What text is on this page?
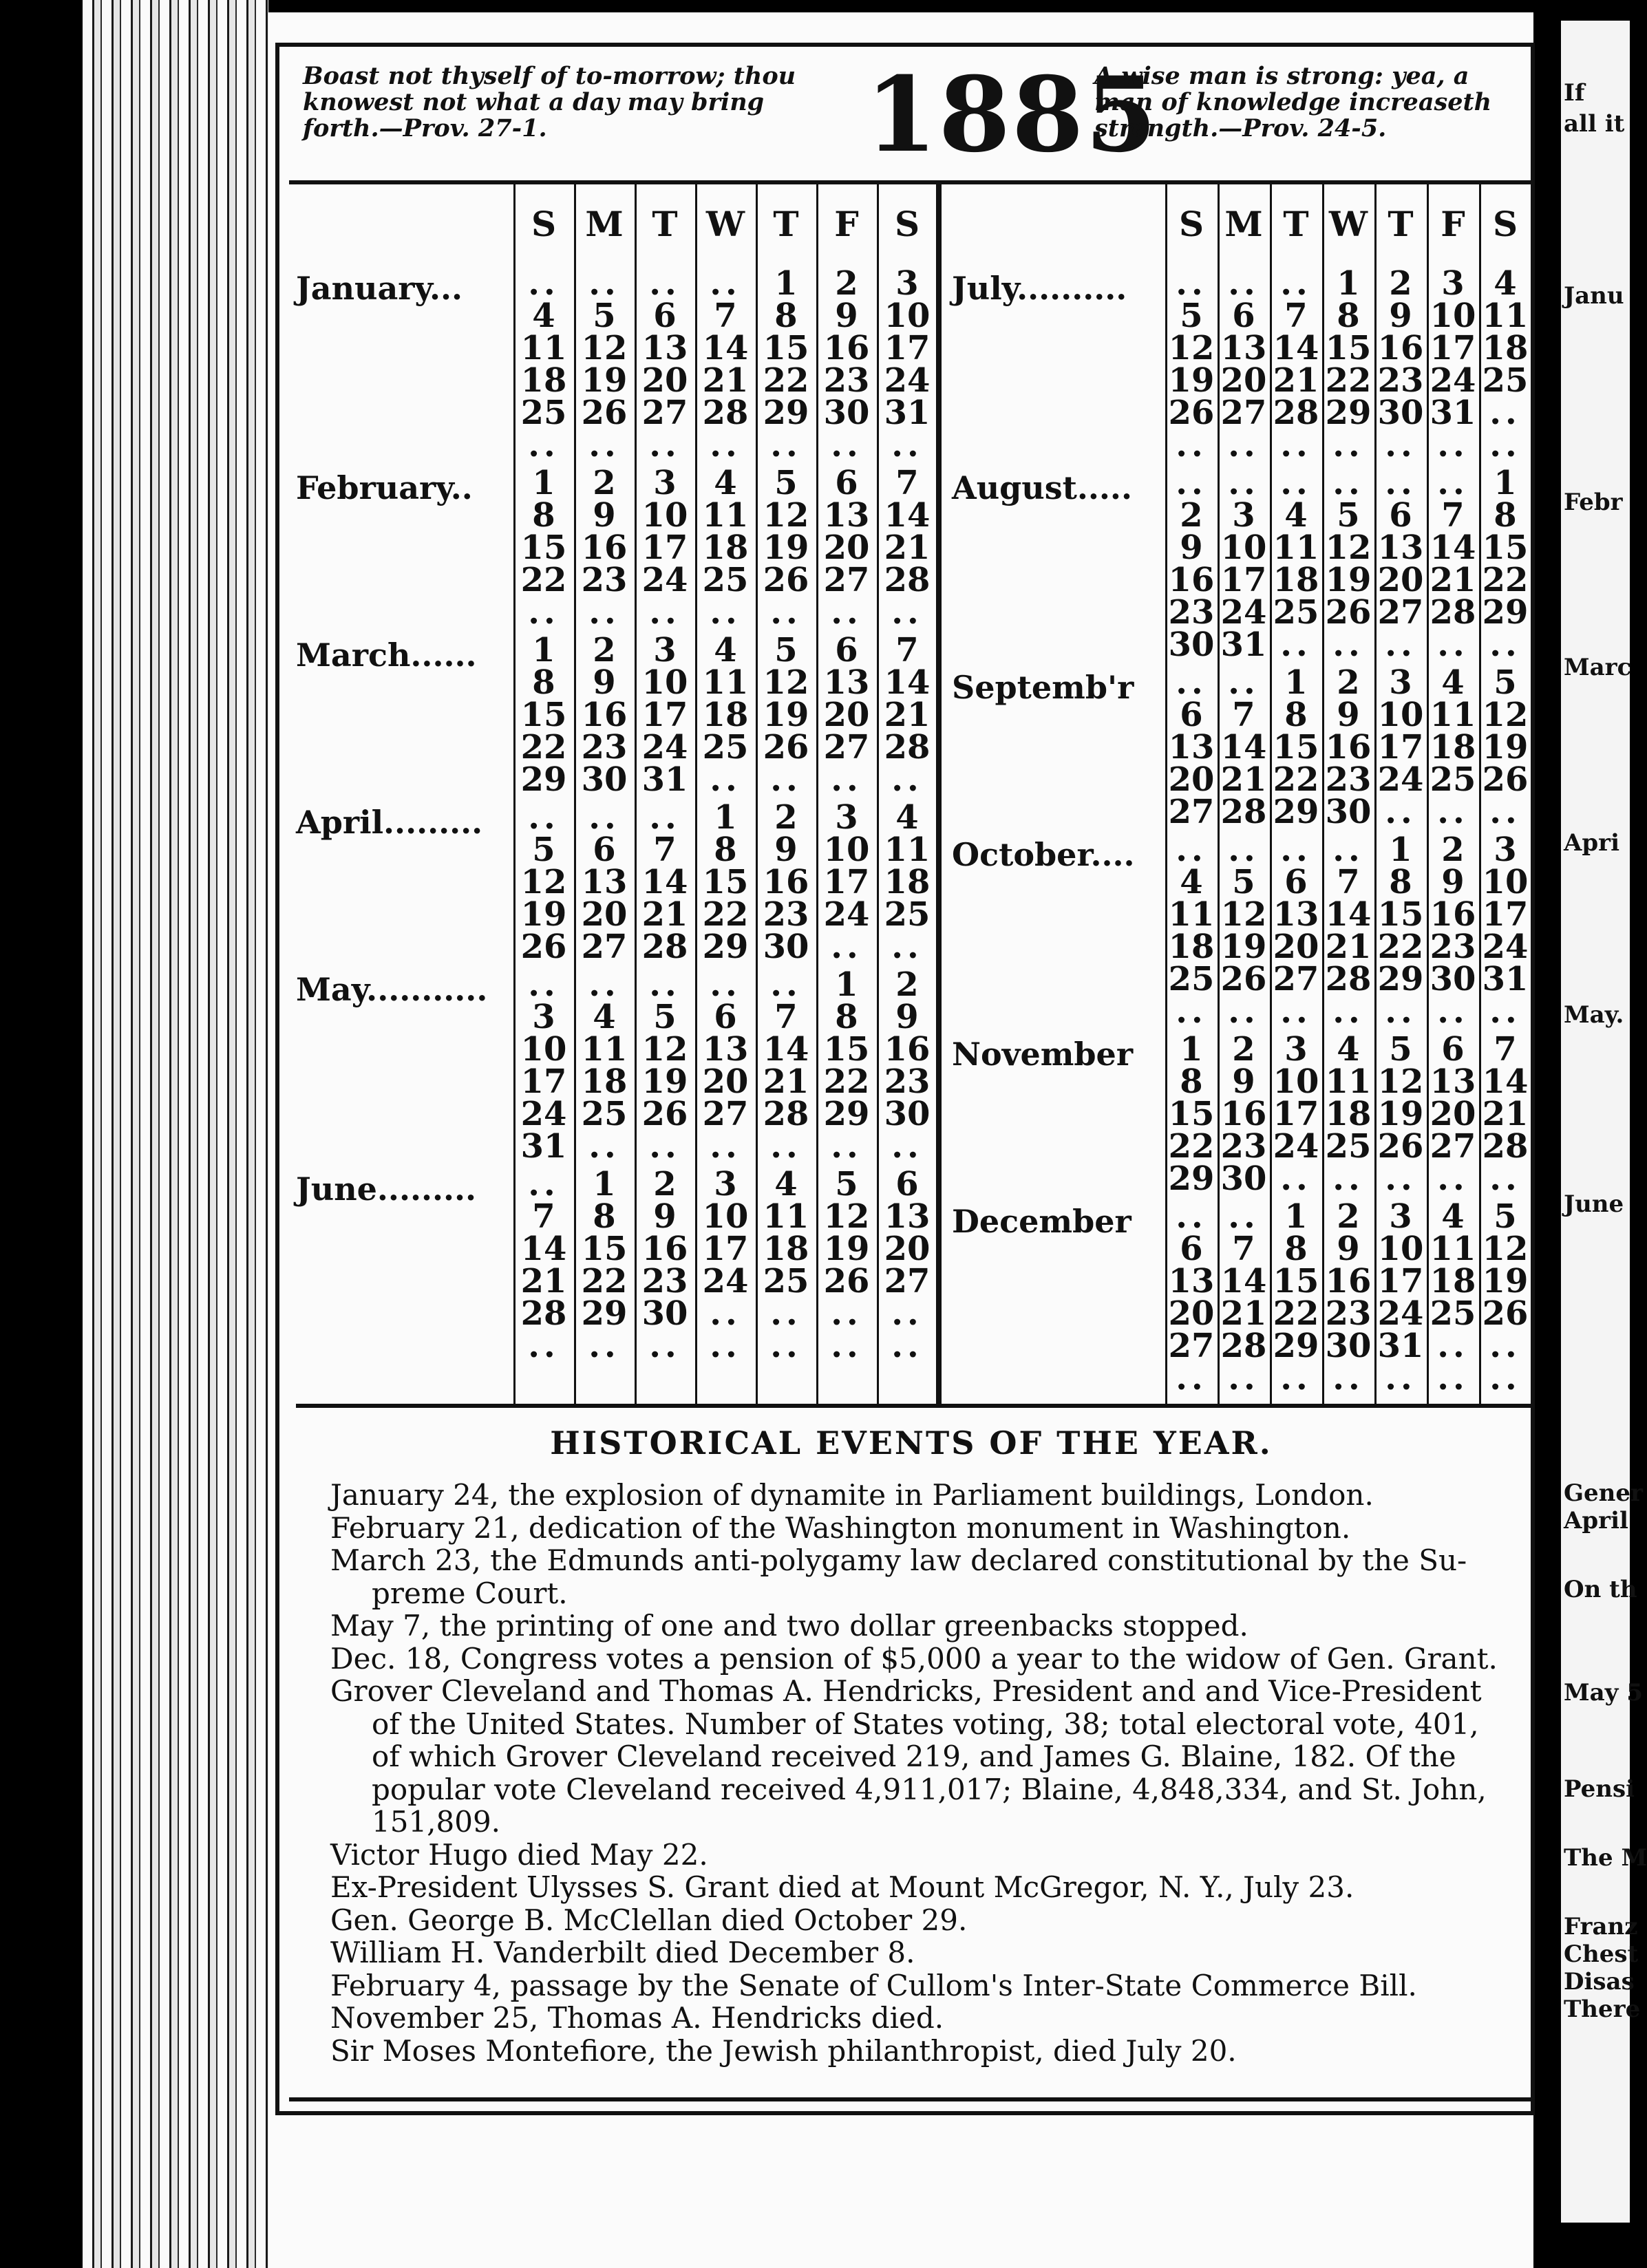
If
all it
Janu
Febr
Marc
Apri
May.
June
Gener
April
On th
May 5
Pensi
The M
Franz
Chest
Disas
There
Boast not thyself of to-morrow; thou knowest not what a day may bring forth.—Prov. 27-1.	1885
A wise man is strong: yea, a man of knowledge increaseth strength.—Prov. 24-5.
S M T W T	F	S
January...	.. .. .. ..	1	2	3
4	5	6	7	8	9 10
11 12 13 14 15 16 17
18 19 20 21 22 23 24
25 26 27 28 29 30 31
.. .. .. .. .. .. ..
February..	1	2	3	4	5	6	7
8	9 10 11 12 13 14
15 16 17 18 19 20 21
22 23 24 25 26 27 28
.. .. .. .. .. .. ..
March......	1	2	3	4	5	6	7
8	9 10 11 12 13 14
15 16 17 18 19 20 21
22 23 24 25 26 27 28
29 30 31 .. .. .. ..
April.........	.. .. ..	1	2	3	4
5	6	7	8	9 10 11
12 13 14 15 16 17 18
19 20 21 22 23 24 25
26 27 28 29 30 .. ..
May...........	.. .. .. .. ..	1	2
3	4	5	6	7	8	9
10 11 12 13 14 15 16
17 18 19 20 21 22 23
24 25 26 27 28 29 30
31 .. .. .. .. .. ..
June.........	..	1	2	3	4	5	6
7	8	9 10 11 12 13
14 15 16 17 18 19 20
21 22 23 24 25 26 27
28 29 30 .. .. .. ..
.. .. .. .. .. .. ..
S M T W T F S
July..........	.. .. .. 1 2 3 4
5 6 7 8 9 10 11
12 13 14 15 16 17 18
19 20 21 22 23 24 25
26 27 28 29 30 31 ..
.. .. .. .. .. .. ..
August.....	.. .. .. .. .. .. 1
2 3 4 5 6 7 8
9 10 11 12 13 14 15
16 17 18 19 20 21 22
23 24 25 26 27 28 29
30 31 .. .. .. .. ..
Septemb'r	.. .. 1 2 3 4 5
6 7 8 9 10 11 12
13 14 15 16 17 18 19
20 21 22 23 24 25 26
27 28 29 30 .. .. ..
October....	.. .. .. .. 1 2 3
4 5 6 7 8 9 10
11 12 13 14 15 16 17
18 19 20 21 22 23 24
25 26 27 28 29 30 31
.. .. .. .. .. .. ..
November	1 2 3 4 5 6 7
8 9 10 11 12 13 14
15 16 17 18 19 20 21
22 23 24 25 26 27 28
29 30 .. .. .. .. ..
December	.. .. 1 2 3 4 5
6 7 8 9 10 11 12
13 14 15 16 17 18 19
20 21 22 23 24 25 26
27 28 29 30 31 .. ..
.. .. .. .. .. .. ..
HISTORICAL EVENTS OF THE YEAR.
January 24, the explosion of dynamite in Parliament buildings, London.
February 21, dedication of the Washington monument in Washington.
March 23, the Edmunds anti-polygamy law declared constitutional by the Su-
preme Court.
May 7, the printing of one and two dollar greenbacks stopped.
Dec. 18, Congress votes a pension of $5,000 a year to the widow of Gen. Grant.
Grover Cleveland and Thomas A. Hendricks, President and and Vice-President
of the United States. Number of States voting, 38; total electoral vote, 401,
of which Grover Cleveland received 219, and James G. Blaine, 182. Of the
popular vote Cleveland received 4,911,017; Blaine, 4,848,334, and St. John,
151,809.
Victor Hugo died May 22.
Ex-President Ulysses S. Grant died at Mount McGregor, N. Y., July 23.
Gen. George B. McClellan died October 29.
William H. Vanderbilt died December 8.
February 4, passage by the Senate of Cullom's Inter-State Commerce Bill.
November 25, Thomas A. Hendricks died.
Sir Moses Montefiore, the Jewish philanthropist, died July 20.
